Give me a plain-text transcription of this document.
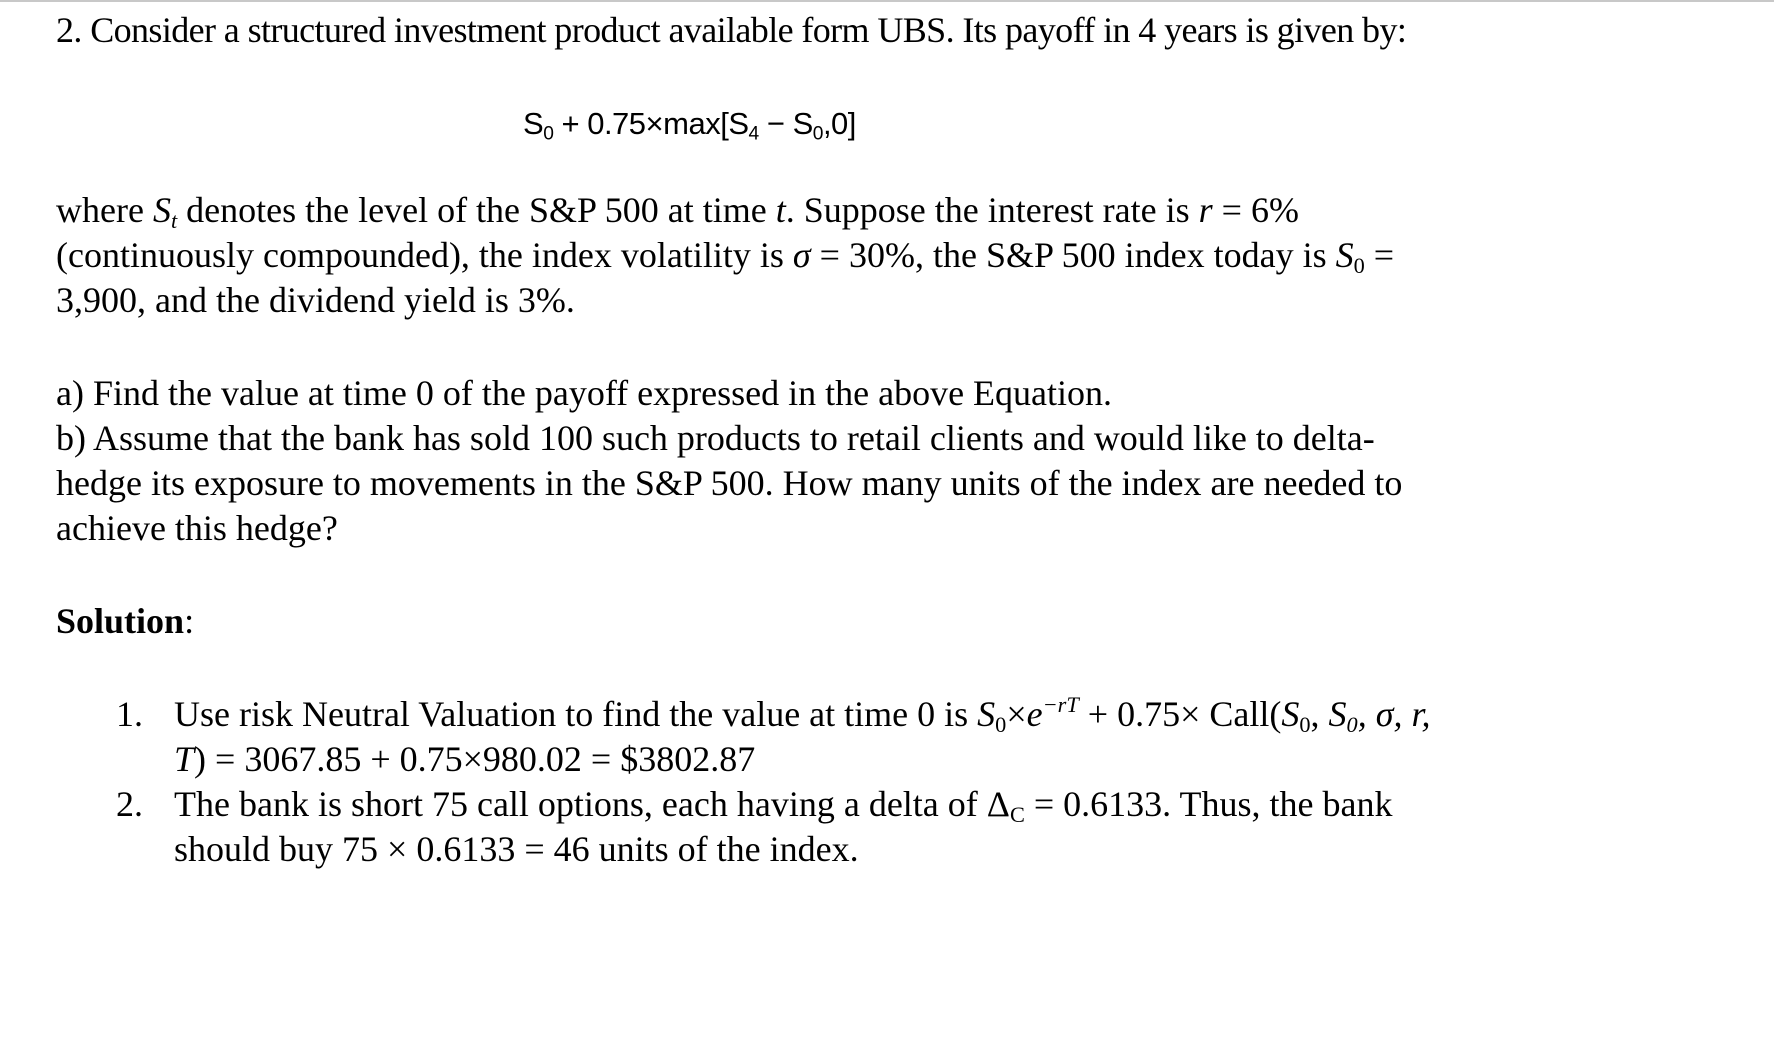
2. Consider a structured investment product available form UBS. Its payoff in 4 years is given by:
$S_0 + 0.75\times\max[S_4 - S_0,0]$
where $S_t$ denotes the level of the S&P 500 at time t. Suppose the interest rate is r = 6%
(continuously compounded), the index volatility is σ = 30%, the S&P 500 index today is $S_0$ =
3,900, and the dividend yield is 3%.
a) Find the value at time 0 of the payoff expressed in the above Equation.
b) Assume that the bank has sold 100 such products to retail clients and would like to delta-
hedge its exposure to movements in the S&P 500. How many units of the index are needed to
achieve this hedge?
Solution:
1. Use risk Neutral Valuation to find the value at time 0 is $S_0\times e^{-rT} + 0.75\times$ $Call(S_0$, $S_0$, σ, r,
T) = 3067.85 + 0.75×980.02 = $3802.87
2. The bank is short 75 call options, each having a delta of $\Delta_C = 0.6133$. Thus, the bank
should buy 75 × 0.6133 = 46 units of the index.
